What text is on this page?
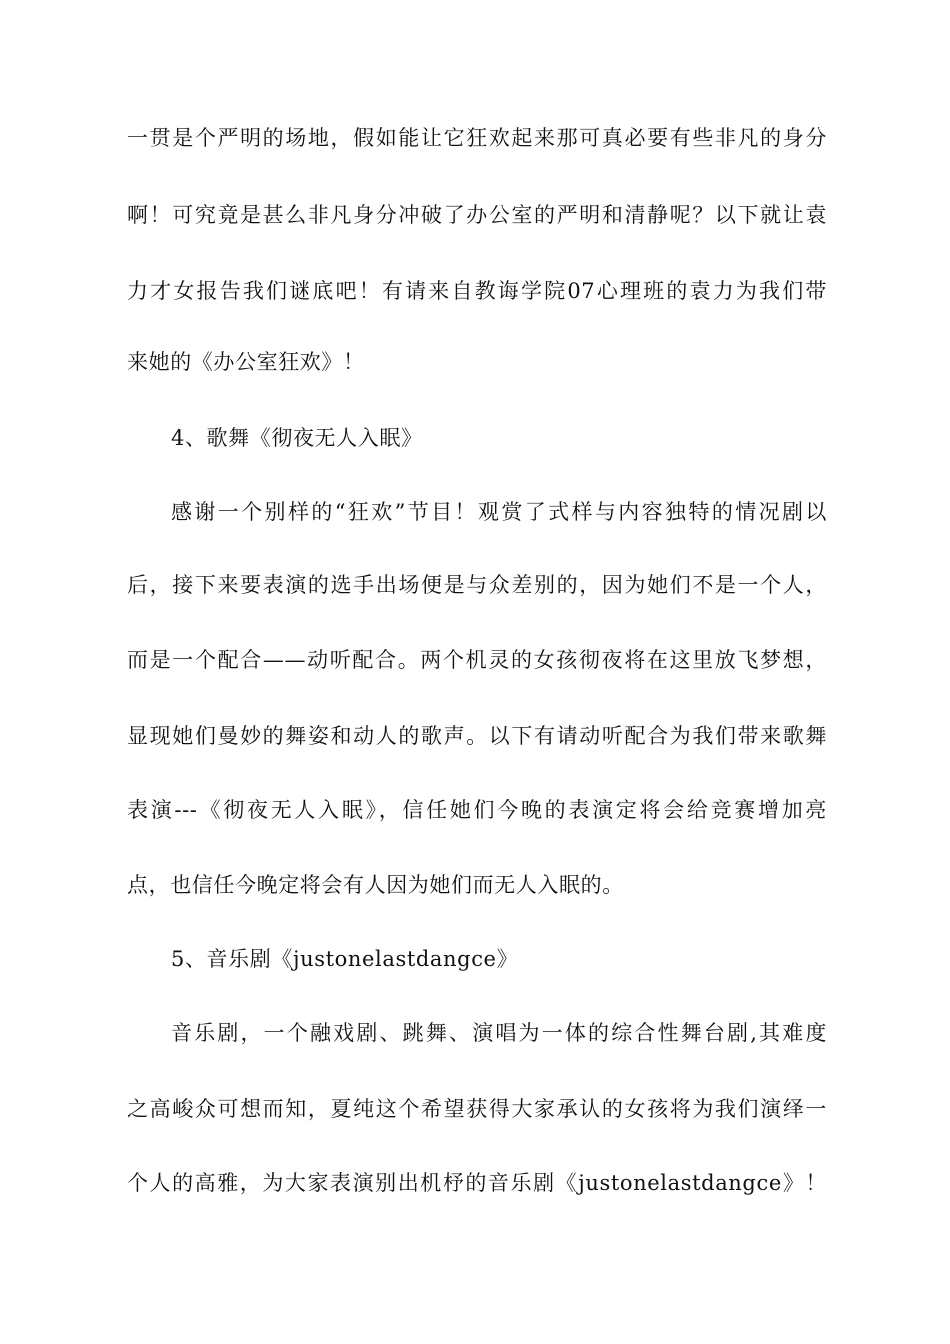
一贯是个严明的场地，假如能让它狂欢起来那可真必要有些非凡的身分
啊！可究竟是甚么非凡身分冲破了办公室的严明和清静呢？以下就让袁
力才女报告我们谜底吧！有请来自教诲学院07心理班的袁力为我们带
来她的《办公室狂欢》！
4、歌舞《彻夜无人入眠》
感谢一个别样的“狂欢”节目！观赏了式样与内容独特的情况剧以
后，接下来要表演的选手出场便是与众差别的，因为她们不是一个人，
而是一个配合——动听配合。两个机灵的女孩彻夜将在这里放飞梦想，
显现她们曼妙的舞姿和动人的歌声。以下有请动听配合为我们带来歌舞
表演---《彻夜无人入眠》，信任她们今晚的表演定将会给竞赛增加亮
点，也信任今晚定将会有人因为她们而无人入眠的。
5、音乐剧《justonelastdangce》
音乐剧，一个融戏剧、跳舞、演唱为一体的综合性舞台剧,其难度
之高峻众可想而知，夏纯这个希望获得大家承认的女孩将为我们演绎一
个人的高雅，为大家表演别出机杼的音乐剧《justonelastdangce》！
